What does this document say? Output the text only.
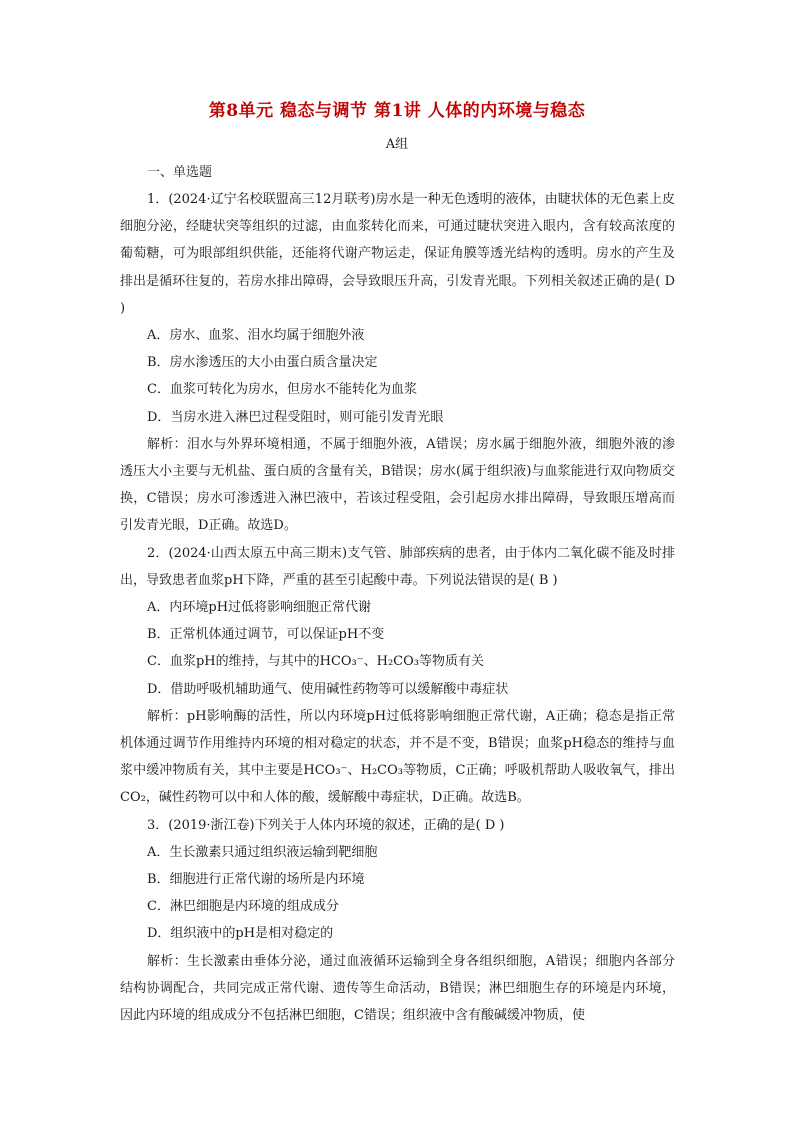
第8单元 稳态与调节 第1讲 人体的内环境与稳态
A组
一、单选题

1．(2024·辽宁名校联盟高三12月联考)房水是一种无色透明的液体，由睫状体的无色素上皮细胞分泌，经睫状突等组织的过滤，由血浆转化而来，可通过睫状突进入眼内，含有较高浓度的葡萄糖，可为眼部组织供能，还能将代谢产物运走，保证角膜等透光结构的透明。房水的产生及排出是循环往复的，若房水排出障碍，会导致眼压升高，引发青光眼。下列相关叙述正确的是( D )

A．房水、血浆、泪水均属于细胞外液

B．房水渗透压的大小由蛋白质含量决定

C．血浆可转化为房水，但房水不能转化为血浆

D．当房水进入淋巴过程受阻时，则可能引发青光眼

解析：泪水与外界环境相通，不属于细胞外液，A错误；房水属于细胞外液，细胞外液的渗透压大小主要与无机盐、蛋白质的含量有关，B错误；房水(属于组织液)与血浆能进行双向物质交换，C错误；房水可渗透进入淋巴液中，若该过程受阻，会引起房水排出障碍，导致眼压增高而引发青光眼，D正确。故选D。

2．(2024·山西太原五中高三期末)支气管、肺部疾病的患者，由于体内二氧化碳不能及时排出，导致患者血浆pH下降，严重的甚至引起酸中毒。下列说法错误的是( B )

A．内环境pH过低将影响细胞正常代谢

B．正常机体通过调节，可以保证pH不变

C．血浆pH的维持，与其中的HCO₃⁻、H₂CO₃等物质有关

D．借助呼吸机辅助通气、使用碱性药物等可以缓解酸中毒症状

解析：pH影响酶的活性，所以内环境pH过低将影响细胞正常代谢，A正确；稳态是指正常机体通过调节作用维持内环境的相对稳定的状态，并不是不变，B错误；血浆pH稳态的维持与血浆中缓冲物质有关，其中主要是HCO₃⁻、H₂CO₃等物质，C正确；呼吸机帮助人吸收氧气，排出CO₂，碱性药物可以中和人体的酸，缓解酸中毒症状，D正确。故选B。

3．(2019·浙江卷)下列关于人体内环境的叙述，正确的是( D )

A．生长激素只通过组织液运输到靶细胞

B．细胞进行正常代谢的场所是内环境

C．淋巴细胞是内环境的组成成分

D．组织液中的pH是相对稳定的

解析：生长激素由垂体分泌，通过血液循环运输到全身各组织细胞，A错误；细胞内各部分结构协调配合，共同完成正常代谢、遗传等生命活动，B错误；淋巴细胞生存的环境是内环境，因此内环境的组成成分不包括淋巴细胞，C错误；组织液中含有酸碱缓冲物质，使
